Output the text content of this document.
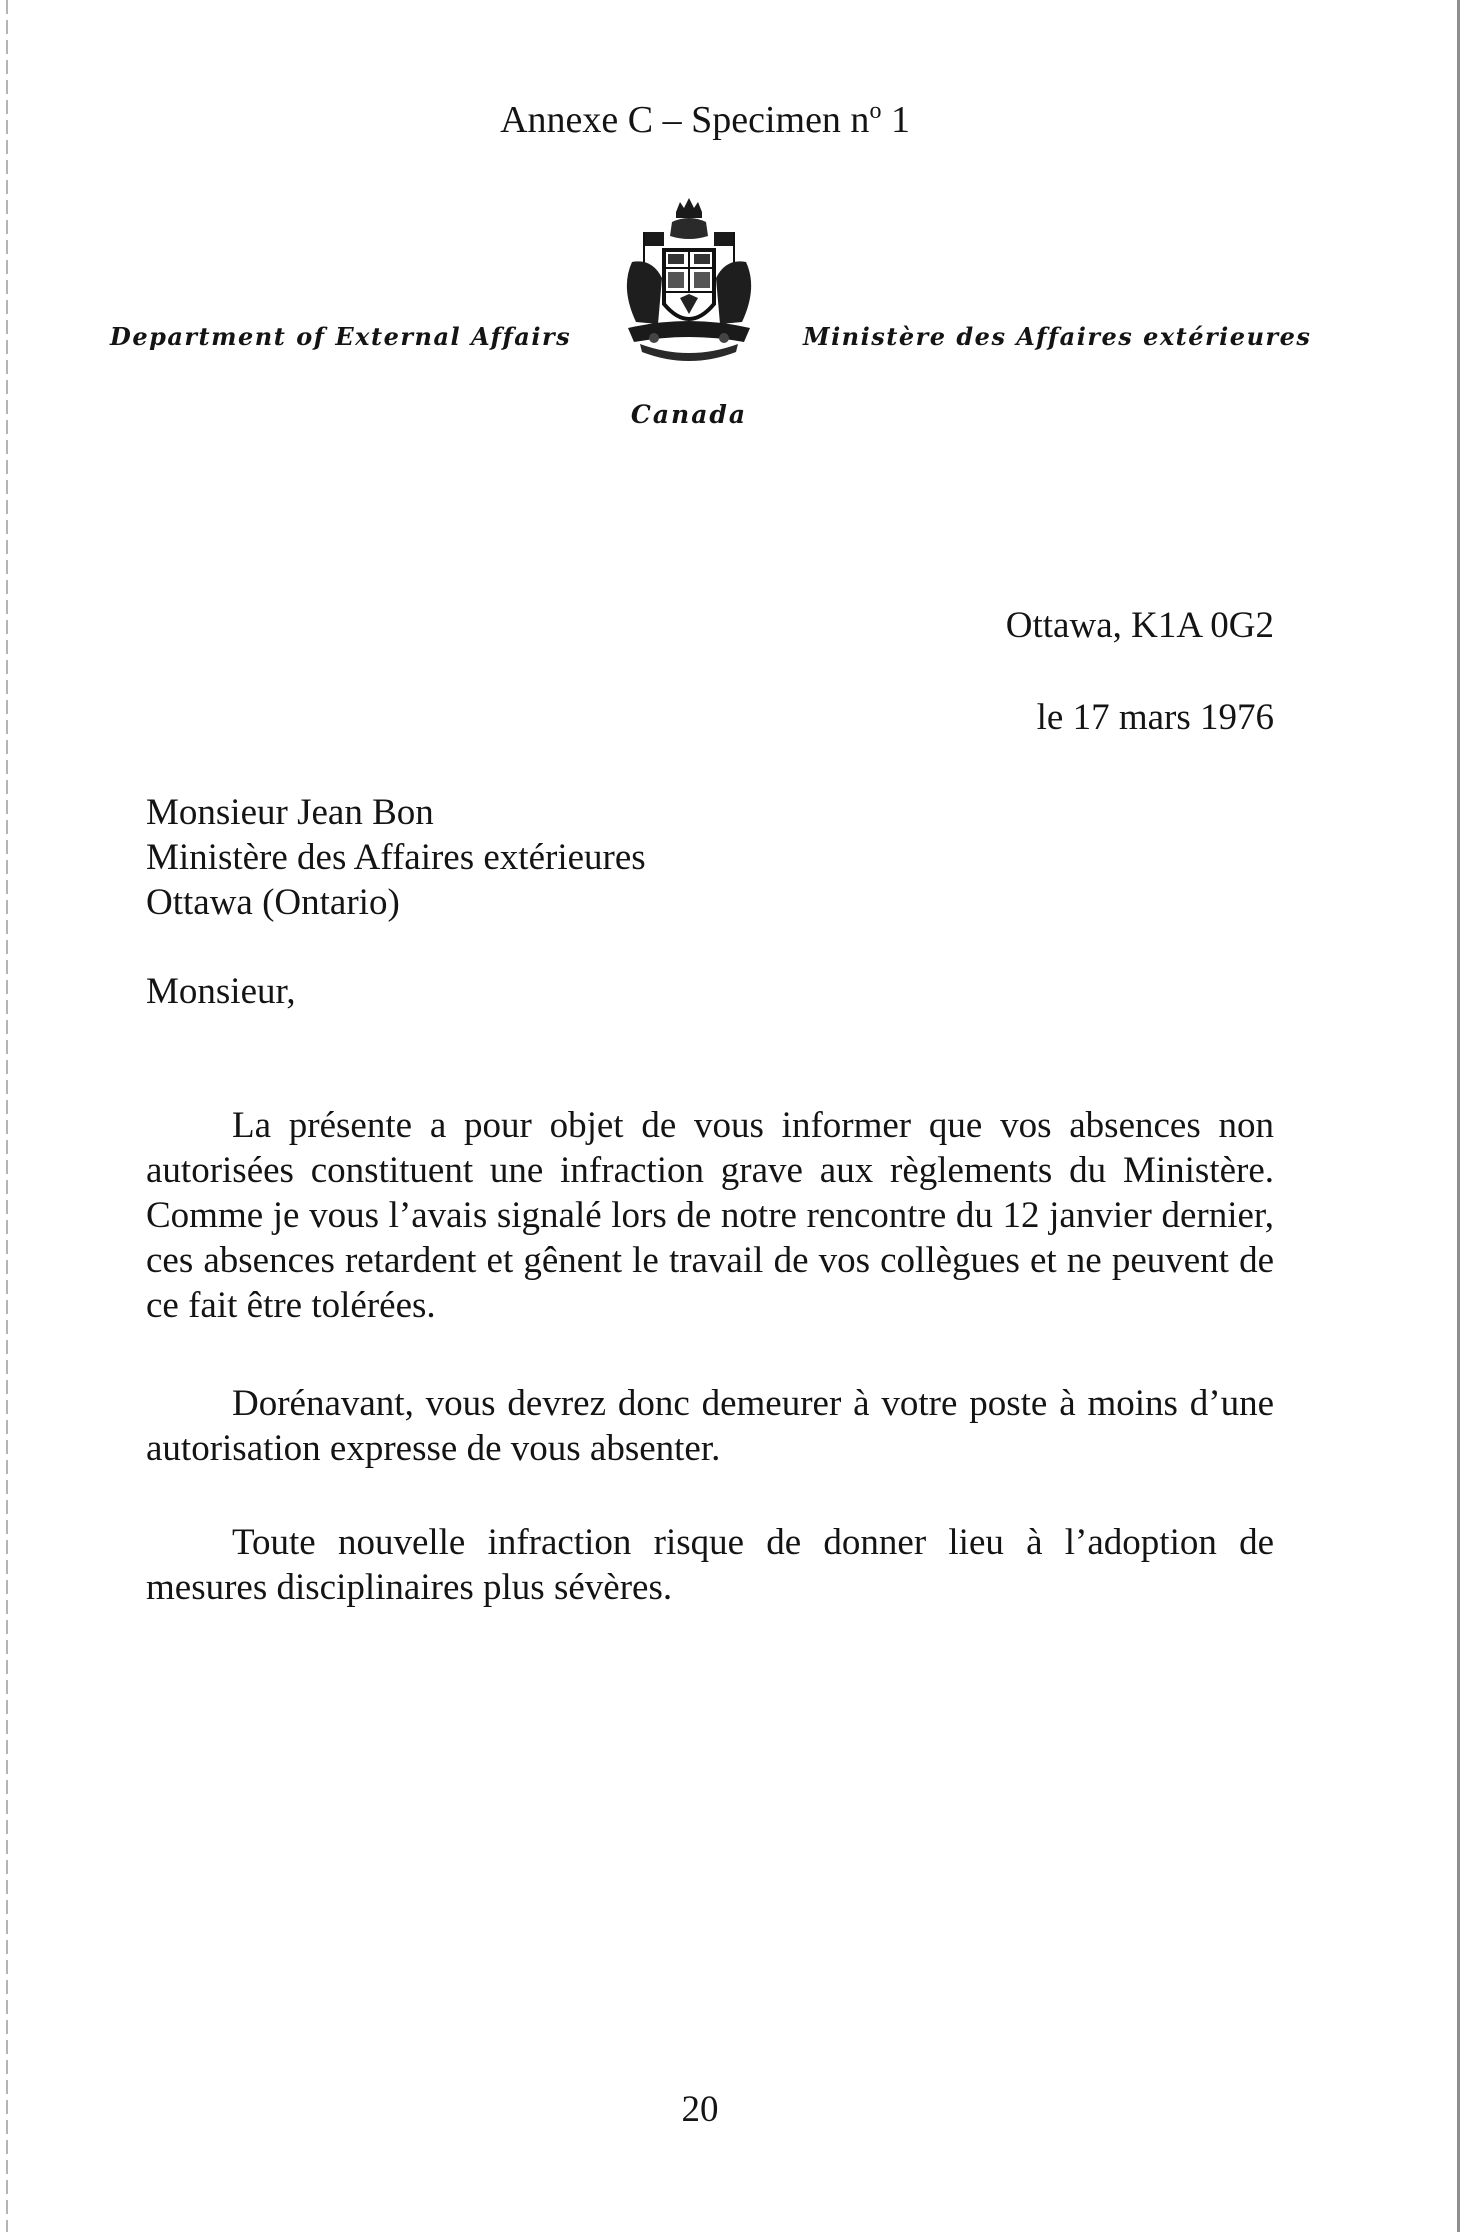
Annexe C – Specimen $n^o$ 1
Department of External Affairs	Ministère des Affaires extérieures
Canada
Ottawa, K1A 0G2
le 17 mars 1976
Monsieur Jean Bon
Ministère des Affaires extérieures
Ottawa (Ontario)
Monsieur,

La présente a pour objet de vous informer que vos absences non autorisées constituent une infraction grave aux règlements du Ministère. Comme je vous l’avais signalé lors de notre rencontre du 12 janvier dernier, ces absences retardent et gênent le travail de vos collègues et ne peuvent de ce fait être tolérées.

Dorénavant, vous devrez donc demeurer à votre poste à moins d’une autorisation expresse de vous absenter.

Toute nouvelle infraction risque de donner lieu à l’adoption de mesures disciplinaires plus sévères.

20
